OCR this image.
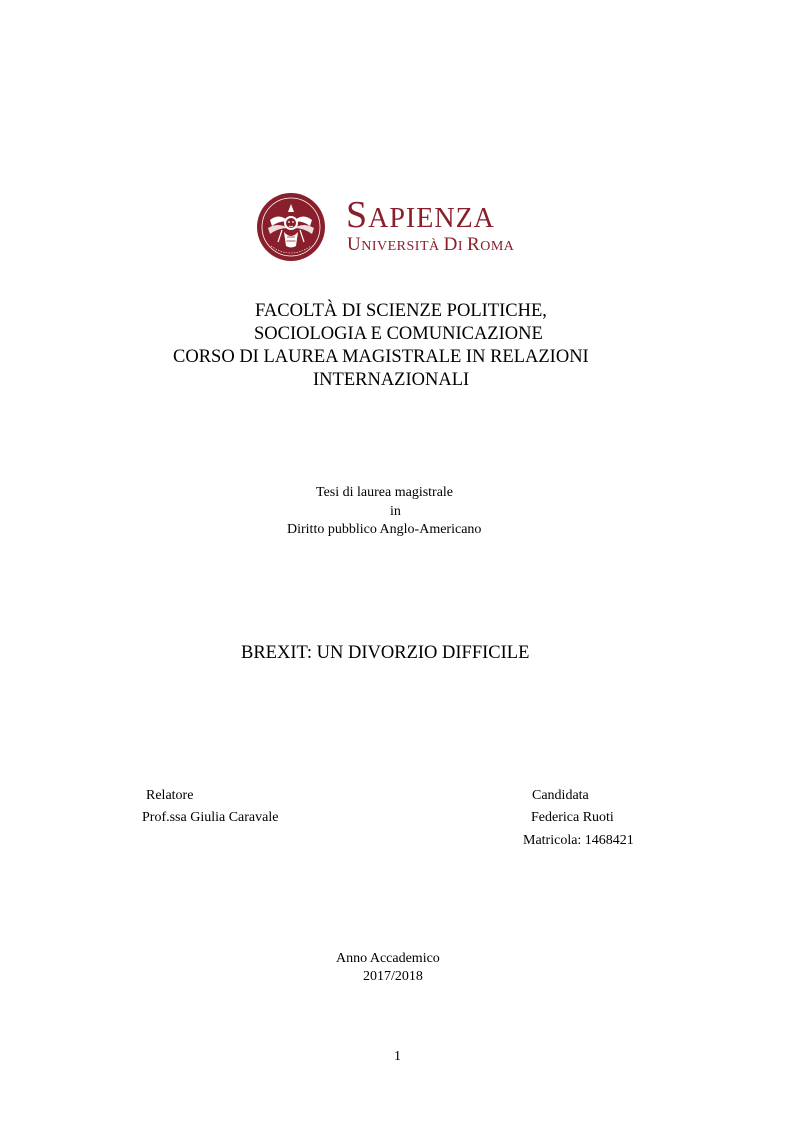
SAPIENZA
UNIVERSITÀ DI ROMA
FACOLTÀ DI SCIENZE POLITICHE,
SOCIOLOGIA E COMUNICAZIONE
CORSO DI LAUREA MAGISTRALE IN RELAZIONI
INTERNAZIONALI
Tesi di laurea magistrale
in
Diritto pubblico Anglo-Americano
BREXIT: UN DIVORZIO DIFFICILE
Relatore
Prof.ssa Giulia Caravale
Candidata
Federica Ruoti
Matricola: 1468421
Anno Accademico
2017/2018
1
